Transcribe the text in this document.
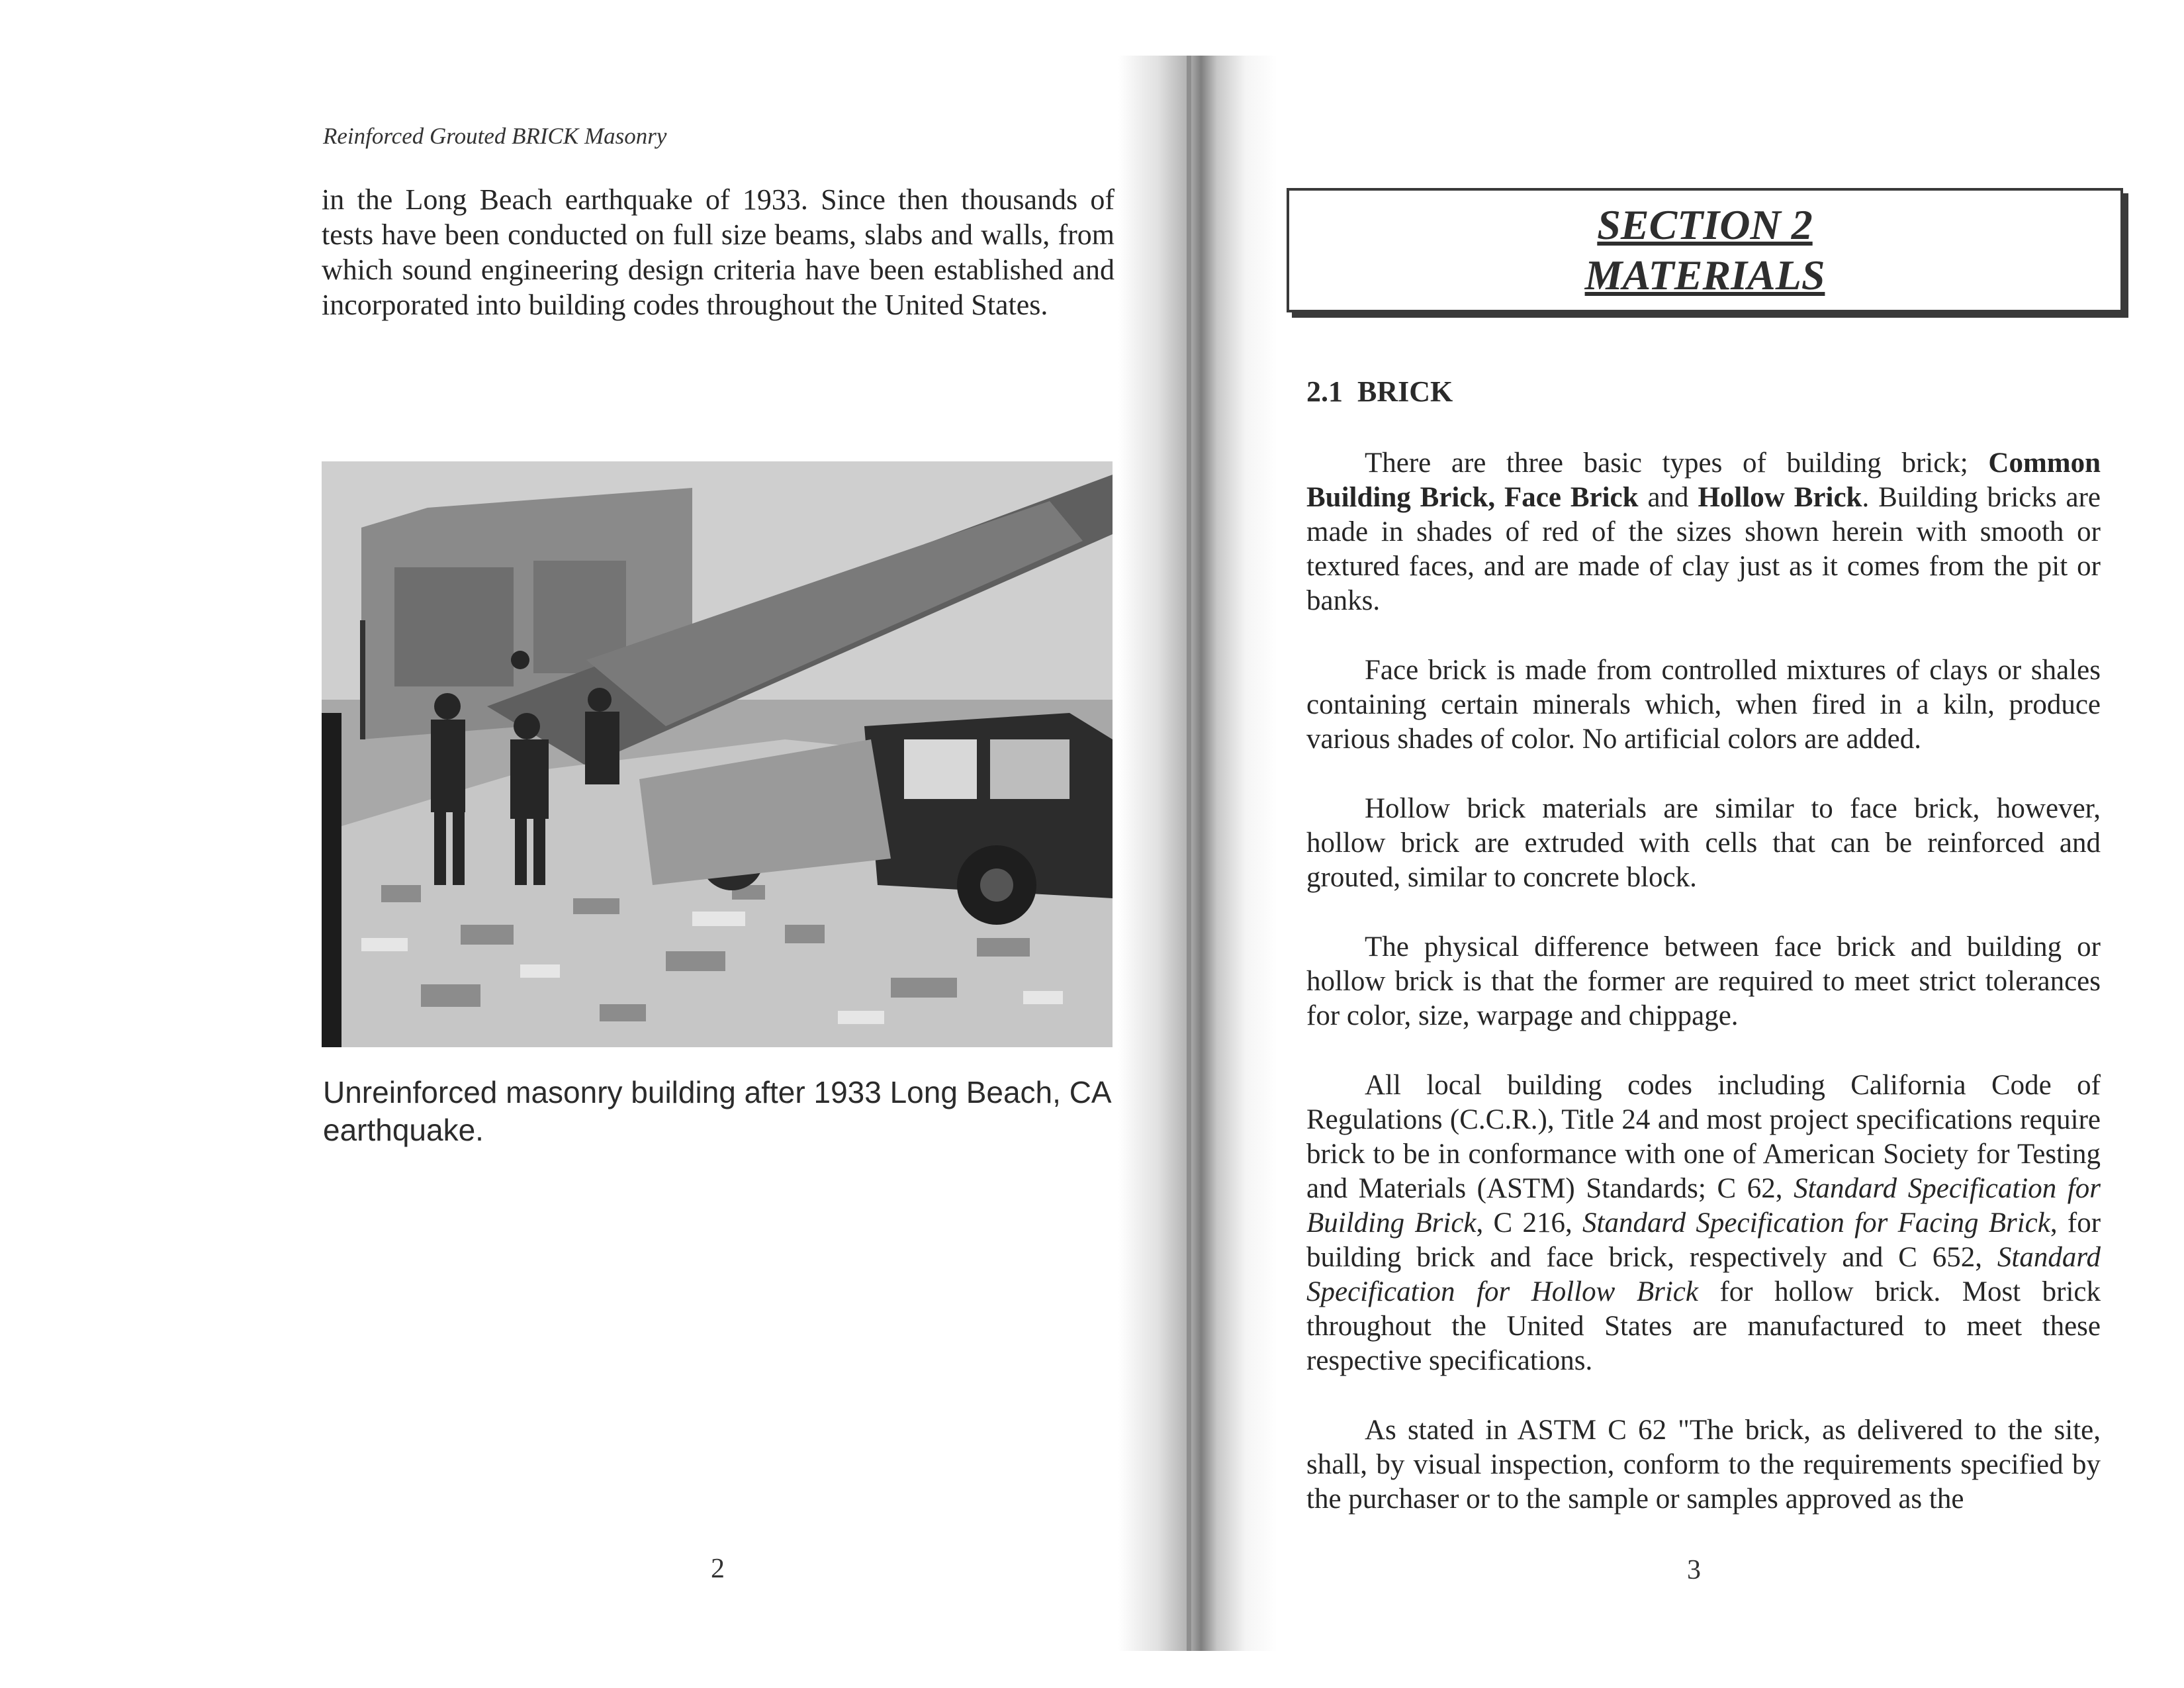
Reinforced Grouted BRICK Masonry

in the Long Beach earthquake of 1933. Since then thousands of tests have been conducted on full size beams, slabs and walls, from which sound engineering design criteria have been established and incorporated into building codes throughout the United States.

Unreinforced masonry building after 1933 Long Beach, CA earthquake.

2
SECTION 2
MATERIALS
2.1 BRICK

There are three basic types of building brick; Common Building Brick, Face Brick and Hollow Brick. Building bricks are made in shades of red of the sizes shown herein with smooth or textured faces, and are made of clay just as it comes from the pit or banks.

Face brick is made from controlled mixtures of clays or shales containing certain minerals which, when fired in a kiln, produce various shades of color. No artificial colors are added.

Hollow brick materials are similar to face brick, however, hollow brick are extruded with cells that can be reinforced and grouted, similar to concrete block.

The physical difference between face brick and building or hollow brick is that the former are required to meet strict tolerances for color, size, warpage and chippage.

All local building codes including California Code of Regulations (C.C.R.), Title 24 and most project specifications require brick to be in conformance with one of American Society for Testing and Materials (ASTM) Standards; C 62, Standard Specification for Building Brick, C 216, Standard Specification for Facing Brick, for building brick and face brick, respectively and C 652, Standard Specification for Hollow Brick for hollow brick. Most brick throughout the United States are manufactured to meet these respective specifications.

As stated in ASTM C 62 "The brick, as delivered to the site, shall, by visual inspection, conform to the requirements specified by the purchaser or to the sample or samples approved as the

3
